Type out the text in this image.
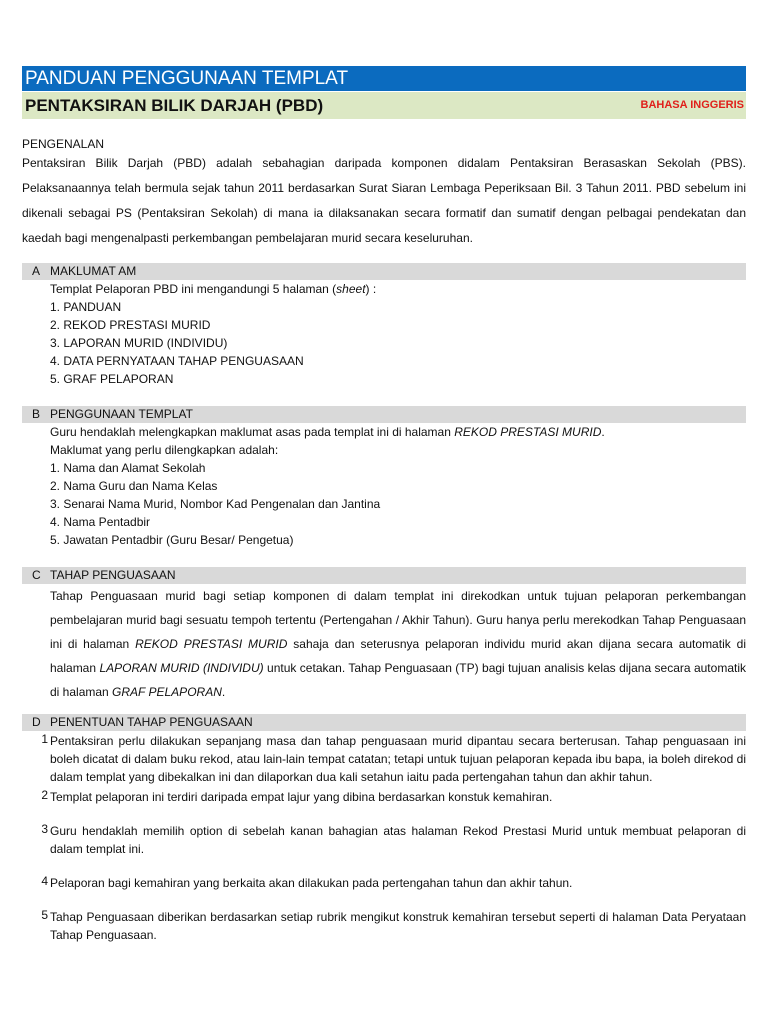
PANDUAN PENGGUNAAN TEMPLAT
PENTAKSIRAN BILIK DARJAH (PBD)	BAHASA INGGERIS
PENGENALAN

Pentaksiran Bilik Darjah (PBD) adalah sebahagian daripada komponen didalam Pentaksiran Berasaskan Sekolah (PBS). Pelaksanaannya telah bermula sejak tahun 2011 berdasarkan Surat Siaran Lembaga Peperiksaan Bil. 3 Tahun 2011. PBD sebelum ini dikenali sebagai PS (Pentaksiran Sekolah) di mana ia dilaksanakan secara formatif dan sumatif dengan pelbagai pendekatan dan kaedah bagi mengenalpasti perkembangan pembelajaran murid secara keseluruhan.

A MAKLUMAT AM
Templat Pelaporan PBD ini mengandungi 5 halaman (sheet) :
1. PANDUAN
2. REKOD PRESTASI MURID
3. LAPORAN MURID (INDIVIDU)
4. DATA PERNYATAAN TAHAP PENGUASAAN
5. GRAF PELAPORAN
B PENGGUNAAN TEMPLAT
Guru hendaklah melengkapkan maklumat asas pada templat ini di halaman REKOD PRESTASI MURID.
Maklumat yang perlu dilengkapkan adalah:
1. Nama dan Alamat Sekolah
2. Nama Guru dan Nama Kelas
3. Senarai Nama Murid, Nombor Kad Pengenalan dan Jantina
4. Nama Pentadbir
5. Jawatan Pentadbir (Guru Besar/ Pengetua)
C TAHAP PENGUASAAN

Tahap Penguasaan murid bagi setiap komponen di dalam templat ini direkodkan untuk tujuan pelaporan perkembangan pembelajaran murid bagi sesuatu tempoh tertentu (Pertengahan / Akhir Tahun). Guru hanya perlu merekodkan Tahap Penguasaan ini di halaman REKOD PRESTASI MURID sahaja dan seterusnya pelaporan individu murid akan dijana secara automatik di halaman LAPORAN MURID (INDIVIDU) untuk cetakan. Tahap Penguasaan (TP) bagi tujuan analisis kelas dijana secara automatik di halaman GRAF PELAPORAN.

D PENENTUAN TAHAP PENGUASAAN
1 Pentaksiran perlu dilakukan sepanjang masa dan tahap penguasaan murid dipantau secara berterusan. Tahap penguasaan ini boleh dicatat di dalam buku rekod, atau lain-lain tempat catatan; tetapi untuk tujuan pelaporan kepada ibu bapa, ia boleh direkod di dalam templat yang dibekalkan ini dan dilaporkan dua kali setahun iaitu pada pertengahan tahun dan akhir tahun.
2 Templat pelaporan ini terdiri daripada empat lajur yang dibina berdasarkan konstuk kemahiran.
3 Guru hendaklah memilih option di sebelah kanan bahagian atas halaman Rekod Prestasi Murid untuk membuat pelaporan di dalam templat ini.
4 Pelaporan bagi kemahiran yang berkaita akan dilakukan pada pertengahan tahun dan akhir tahun.
5 Tahap Penguasaan diberikan berdasarkan setiap rubrik mengikut konstruk kemahiran tersebut seperti di halaman Data Peryataan Tahap Penguasaan.
